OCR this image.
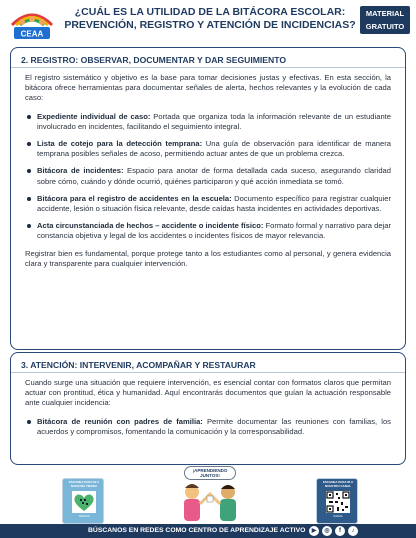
CEAA
¿CUÁL ES LA UTILIDAD DE LA BITÁCORA ESCOLAR:
PREVENCIÓN, REGISTRO Y ATENCIÓN DE INCIDENCIAS?
MATERIAL
GRATUITO
2. REGISTRO: OBSERVAR, DOCUMENTAR Y DAR SEGUIMIENTO

El registro sistemático y objetivo es la base para tomar decisiones justas y efectivas. En esta sección, la bitácora ofrece herramientas para documentar señales de alerta, hechos relevantes y la evolución de cada caso:

Expediente individual de caso: Portada que organiza toda la información relevante de un estudiante involucrado en incidentes, facilitando el seguimiento integral.
Lista de cotejo para la detección temprana: Una guía de observación para identificar de manera temprana posibles señales de acoso, permitiendo actuar antes de que un problema crezca.
Bitácora de incidentes: Espacio para anotar de forma detallada cada suceso, asegurando claridad sobre cómo, cuándo y dónde ocurrió, quiénes participaron y qué acción inmediata se tomó.
Bitácora para el registro de accidentes en la escuela: Documento específico para registrar cualquier accidente, lesión o situación física relevante, desde caídas hasta incidentes en actividades deportivas.
Acta circunstanciada de hechos – accidente o incidente físico: Formato formal y narrativo para dejar constancia objetiva y legal de los accidentes o incidentes físicos de mayor relevancia.

Registrar bien es fundamental, porque protege tanto a los estudiantes como al personal, y genera evidencia clara y transparente para cualquier intervención.

3. ATENCIÓN: INTERVENIR, ACOMPAÑAR Y RESTAURAR

Cuando surge una situación que requiere intervención, es esencial contar con formatos claros que permitan actuar con prontitud, ética y humanidad. Aquí encontrarás documentos que guían la actuación responsable ante cualquier incidencia:

Bitácora de reunión con padres de familia: Permite documentar las reuniones con familias, los acuerdos y compromisos, fomentando la comunicación y la corresponsabilidad.
ESCANEA PARA IR A NUESTRA TIENDA
TIENDA
¡APRENDIENDO JUNTOS!
ESCANEA PARA IR A NUESTRO CANAL
CANAL
BÚSCANOS EN REDES COMO CENTRO DE APRENDIZAJE ACTIVO	▶	◎	f	♪
